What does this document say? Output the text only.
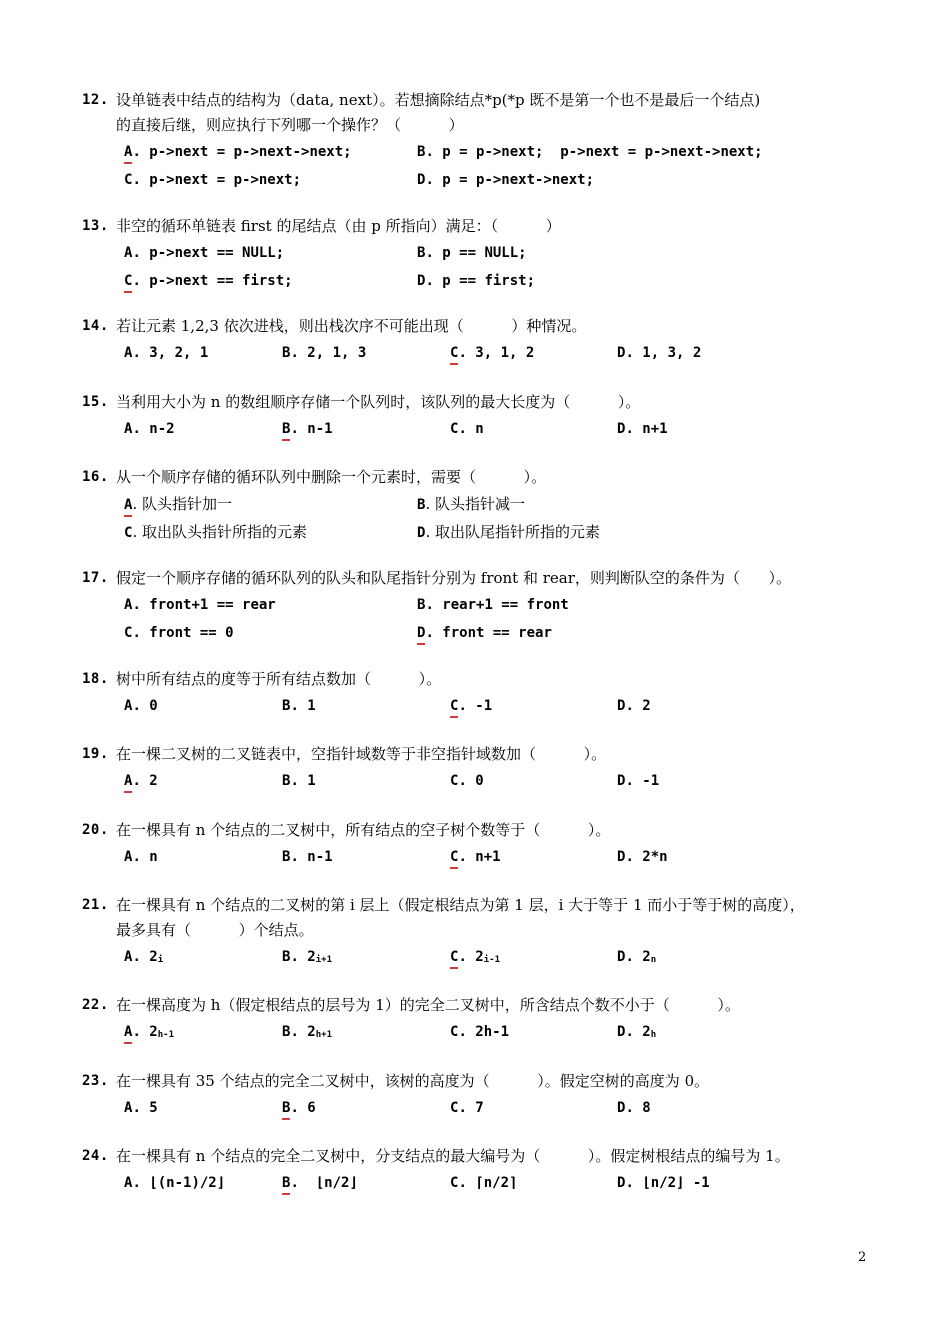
12. 设单链表中结点的结构为（data, next）。若想摘除结点*p(*p 既不是第一个也不是最后一个结点)
的直接后继，则应执行下列哪一个操作？（          ）
A. p->next = p->next->next;	B. p = p->next;  p->next = p->next->next;
C. p->next = p->next;	D. p = p->next->next;
13. 非空的循环单链表 first 的尾结点（由 p 所指向）满足：（          ）
A. p->next == NULL;	B. p == NULL;
C. p->next == first;	D. p == first;
14. 若让元素 1,2,3 依次进栈，则出栈次序不可能出现（          ）种情况。
A. 3, 2, 1	B. 2, 1, 3	C. 3, 1, 2	D. 1, 3, 2
15. 当利用大小为 n 的数组顺序存储一个队列时，该队列的最大长度为（          ）。
A. n-2	B. n-1	C. n	D. n+1
16. 从一个顺序存储的循环队列中删除一个元素时，需要（          ）。
A. 队头指针加一	B. 队头指针减一
C. 取出队头指针所指的元素	D. 取出队尾指针所指的元素
17. 假定一个顺序存储的循环队列的队头和队尾指针分别为 front 和 rear，则判断队空的条件为（      ）。
A. front+1 == rear	B. rear+1 == front
C. front == 0	D. front == rear
18. 树中所有结点的度等于所有结点数加（          ）。
A. 0	B. 1	C. -1	D. 2
19. 在一棵二叉树的二叉链表中，空指针域数等于非空指针域数加（          ）。
A. 2	B. 1	C. 0	D. -1
20. 在一棵具有 n 个结点的二叉树中，所有结点的空子树个数等于（          ）。
A. n	B. n-1	C. n+1	D. 2*n
21. 在一棵具有 n 个结点的二叉树的第 i 层上（假定根结点为第 1 层，i 大于等于 1 而小于等于树的高度），
最多具有（          ）个结点。
A. 2i	B. 2i+1	C. 2i-1	D. 2n
22. 在一棵高度为 h（假定根结点的层号为 1）的完全二叉树中，所含结点个数不小于（          ）。
A. 2h-1	B. 2h+1	C. 2h-1	D. 2h
23. 在一棵具有 35 个结点的完全二叉树中，该树的高度为（          ）。假定空树的高度为 0。
A. 5	B. 6	C. 7	D. 8
24. 在一棵具有 n 个结点的完全二叉树中，分支结点的最大编号为（          ）。假定树根结点的编号为 1。
A. ⌊(n-1)/2⌋	B.  ⌊n/2⌋	C. ⌈n/2⌉	D. ⌊n/2⌋ -1
2
